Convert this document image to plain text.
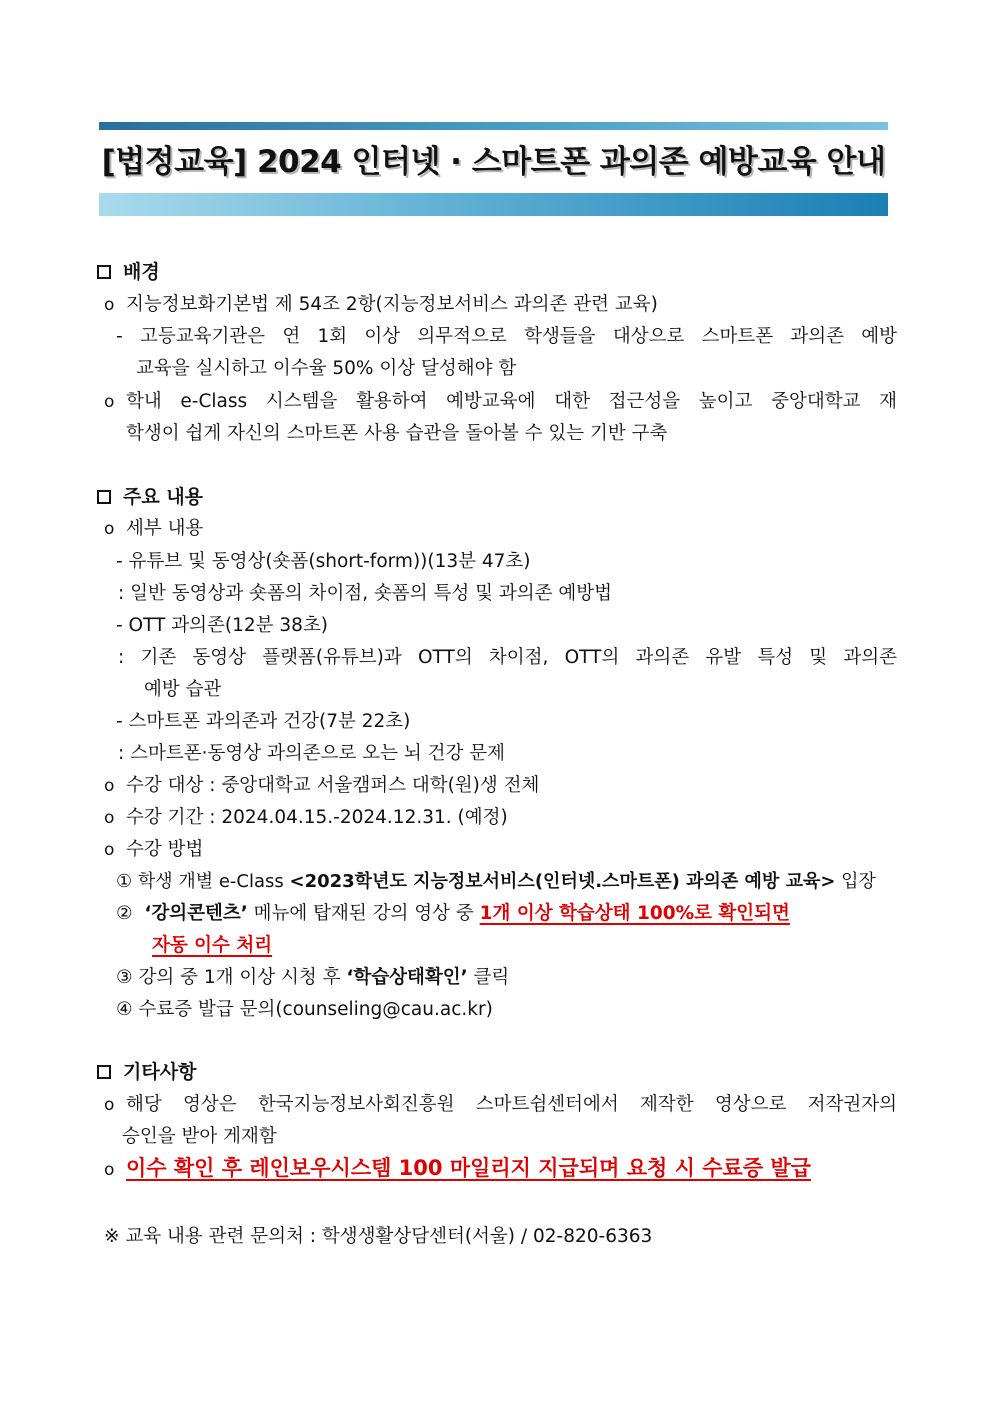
[법정교육] 2024 인터넷 · 스마트폰 과의존 예방교육 안내
배경
o 지능정보화기본법 제 54조 2항(지능정보서비스 과의존 관련 교육)
- 고등교육기관은 연 1회 이상 의무적으로 학생들을 대상으로 스마트폰 과의존 예방
교육을 실시하고 이수율 50% 이상 달성해야 함
o 학내 e-Class 시스템을 활용하여 예방교육에 대한 접근성을 높이고 중앙대학교 재
학생이 쉽게 자신의 스마트폰 사용 습관을 돌아볼 수 있는 기반 구축
주요 내용
o 세부 내용
- 유튜브 및 동영상(숏폼(short-form))(13분 47초)
: 일반 동영상과 숏폼의 차이점, 숏폼의 특성 및 과의존 예방법
- OTT 과의존(12분 38초)
: 기존 동영상 플랫폼(유튜브)과 OTT의 차이점, OTT의 과의존 유발 특성 및 과의존
예방 습관
- 스마트폰 과의존과 건강(7분 22초)
: 스마트폰·동영상 과의존으로 오는 뇌 건강 문제
o 수강 대상 : 중앙대학교 서울캠퍼스 대학(원)생 전체
o 수강 기간 : 2024.04.15.-2024.12.31. (예정)
o 수강 방법
① 학생 개별 e-Class <2023학년도 지능정보서비스(인터넷.스마트폰) 과의존 예방 교육> 입장
② ‘강의콘텐츠’ 메뉴에 탑재된 강의 영상 중 1개 이상 학습상태 100%로 확인되면
자동 이수 처리
③ 강의 중 1개 이상 시청 후 ‘학습상태확인’ 클릭
④ 수료증 발급 문의(counseling@cau.ac.kr)
기타사항
o 해당 영상은 한국지능정보사회진흥원 스마트쉼센터에서 제작한 영상으로 저작권자의
승인을 받아 게재함
o 이수 확인 후 레인보우시스템 100 마일리지 지급되며 요청 시 수료증 발급
※ 교육 내용 관련 문의처 : 학생생활상담센터(서울) / 02-820-6363
